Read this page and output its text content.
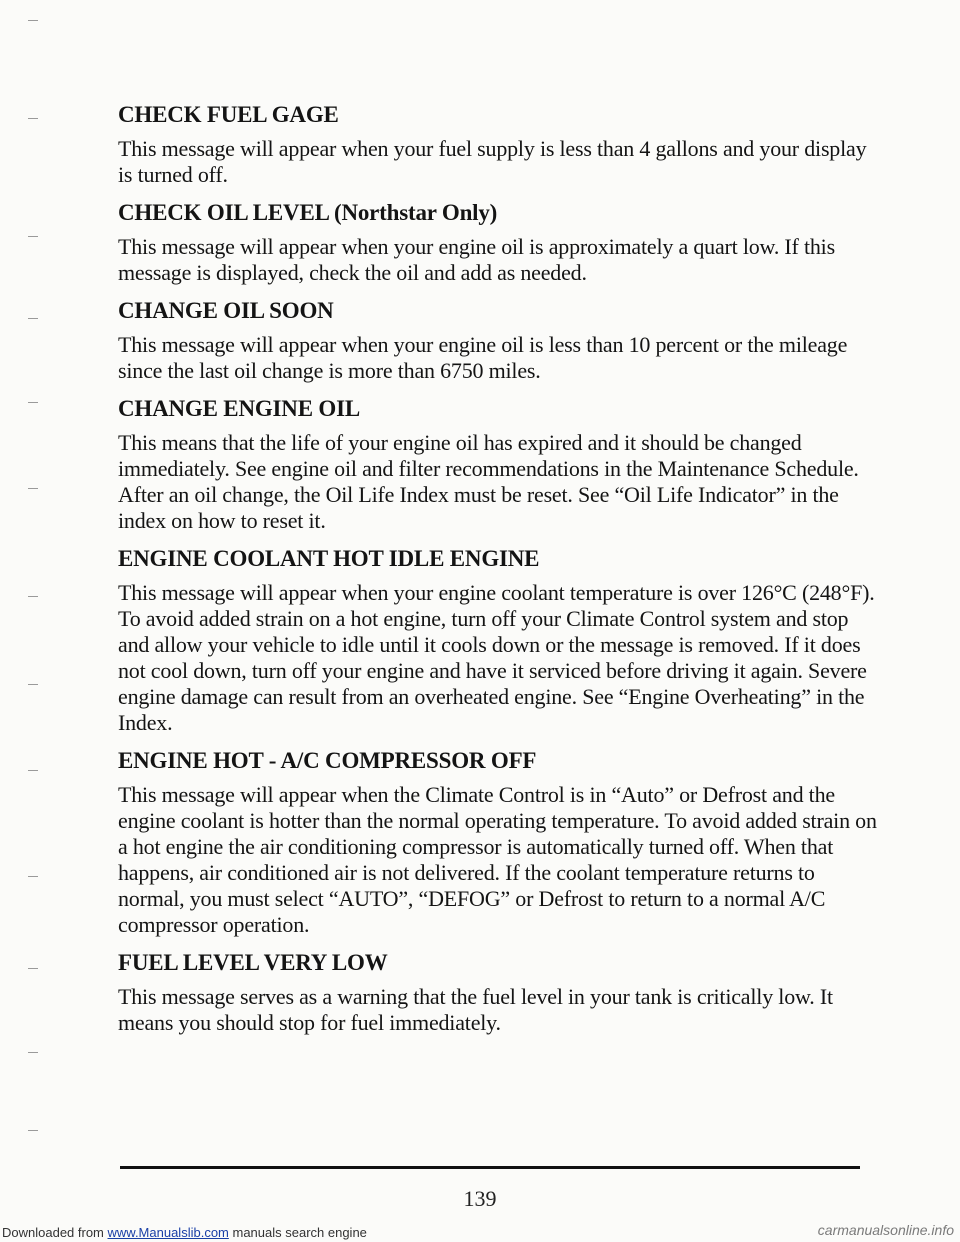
CHECK FUEL GAGE
This message will appear when your fuel supply is less than 4 gallons and your display is turned off.
CHECK OIL LEVEL (Northstar Only)
This message will appear when your engine oil is approximately a quart low. If this message is displayed, check the oil and add as needed.
CHANGE OIL SOON
This message will appear when your engine oil is less than 10 percent or the mileage since the last oil change is more than 6750 miles.
CHANGE ENGINE OIL
This means that the life of your engine oil has expired and it should be changed immediately. See engine oil and filter recommendations in the Maintenance Schedule. After an oil change, the Oil Life Index must be reset. See “Oil Life Indicator” in the index on how to reset it.
ENGINE COOLANT HOT IDLE ENGINE
This message will appear when your engine coolant temperature is over 126°C (248°F). To avoid added strain on a hot engine, turn off your Climate Control system and stop and allow your vehicle to idle until it cools down or the message is removed. If it does not cool down, turn off your engine and have it serviced before driving it again. Severe engine damage can result from an overheated engine. See “Engine Overheating” in the Index.
ENGINE HOT - A/C COMPRESSOR OFF
This message will appear when the Climate Control is in “Auto” or Defrost and the engine coolant is hotter than the normal operating temperature. To avoid added strain on a hot engine the air conditioning compressor is automatically turned off. When that happens, air conditioned air is not delivered. If the coolant temperature returns to normal, you must select “AUTO”, “DEFOG” or Defrost to return to a normal A/C compressor operation.
FUEL LEVEL VERY LOW
This message serves as a warning that the fuel level in your tank is critically low. It means you should stop for fuel immediately.
139
Downloaded from www.Manualslib.com manuals search engine	carmanualsonline.info
